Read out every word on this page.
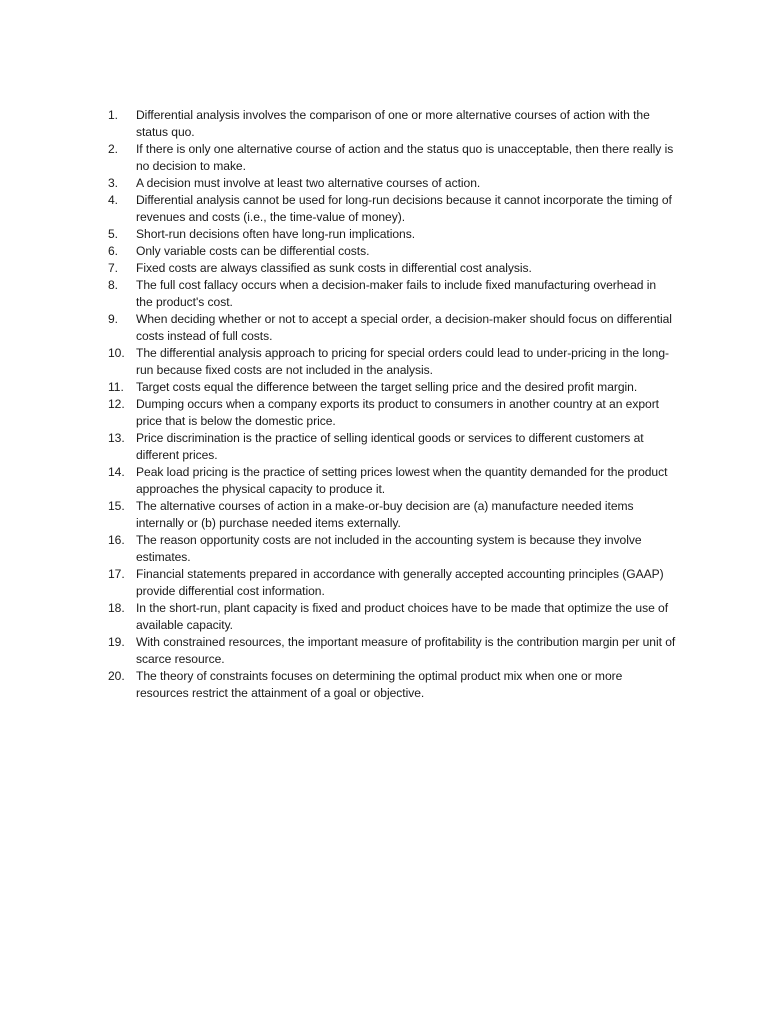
1.	Differential analysis involves the comparison of one or more alternative courses of action with the status quo.
2.	If there is only one alternative course of action and the status quo is unacceptable, then there really is no decision to make.
3.	A decision must involve at least two alternative courses of action.
4.	Differential analysis cannot be used for long-run decisions because it cannot incorporate the timing of revenues and costs (i.e., the time-value of money).
5.	Short-run decisions often have long-run implications.
6.	Only variable costs can be differential costs.
7.	Fixed costs are always classified as sunk costs in differential cost analysis.
8.	The full cost fallacy occurs when a decision-maker fails to include fixed manufacturing overhead in the product's cost.
9.	When deciding whether or not to accept a special order, a decision-maker should focus on differential costs instead of full costs.
10. The differential analysis approach to pricing for special orders could lead to under-pricing in the long-run because fixed costs are not included in the analysis.
11.	Target costs equal the difference between the target selling price and the desired profit margin.
12. Dumping occurs when a company exports its product to consumers in another country at an export price that is below the domestic price.
13. Price discrimination is the practice of selling identical goods or services to different customers at different prices.
14. Peak load pricing is the practice of setting prices lowest when the quantity demanded for the product approaches the physical capacity to produce it.
15. The alternative courses of action in a make-or-buy decision are (a) manufacture needed items internally or (b) purchase needed items externally.
16. The reason opportunity costs are not included in the accounting system is because they involve estimates.
17. Financial statements prepared in accordance with generally accepted accounting principles (GAAP) provide differential cost information.
18. In the short-run, plant capacity is fixed and product choices have to be made that optimize the use of available capacity.
19. With constrained resources, the important measure of profitability is the contribution margin per unit of scarce resource.
20. The theory of constraints focuses on determining the optimal product mix when one or more resources restrict the attainment of a goal or objective.
